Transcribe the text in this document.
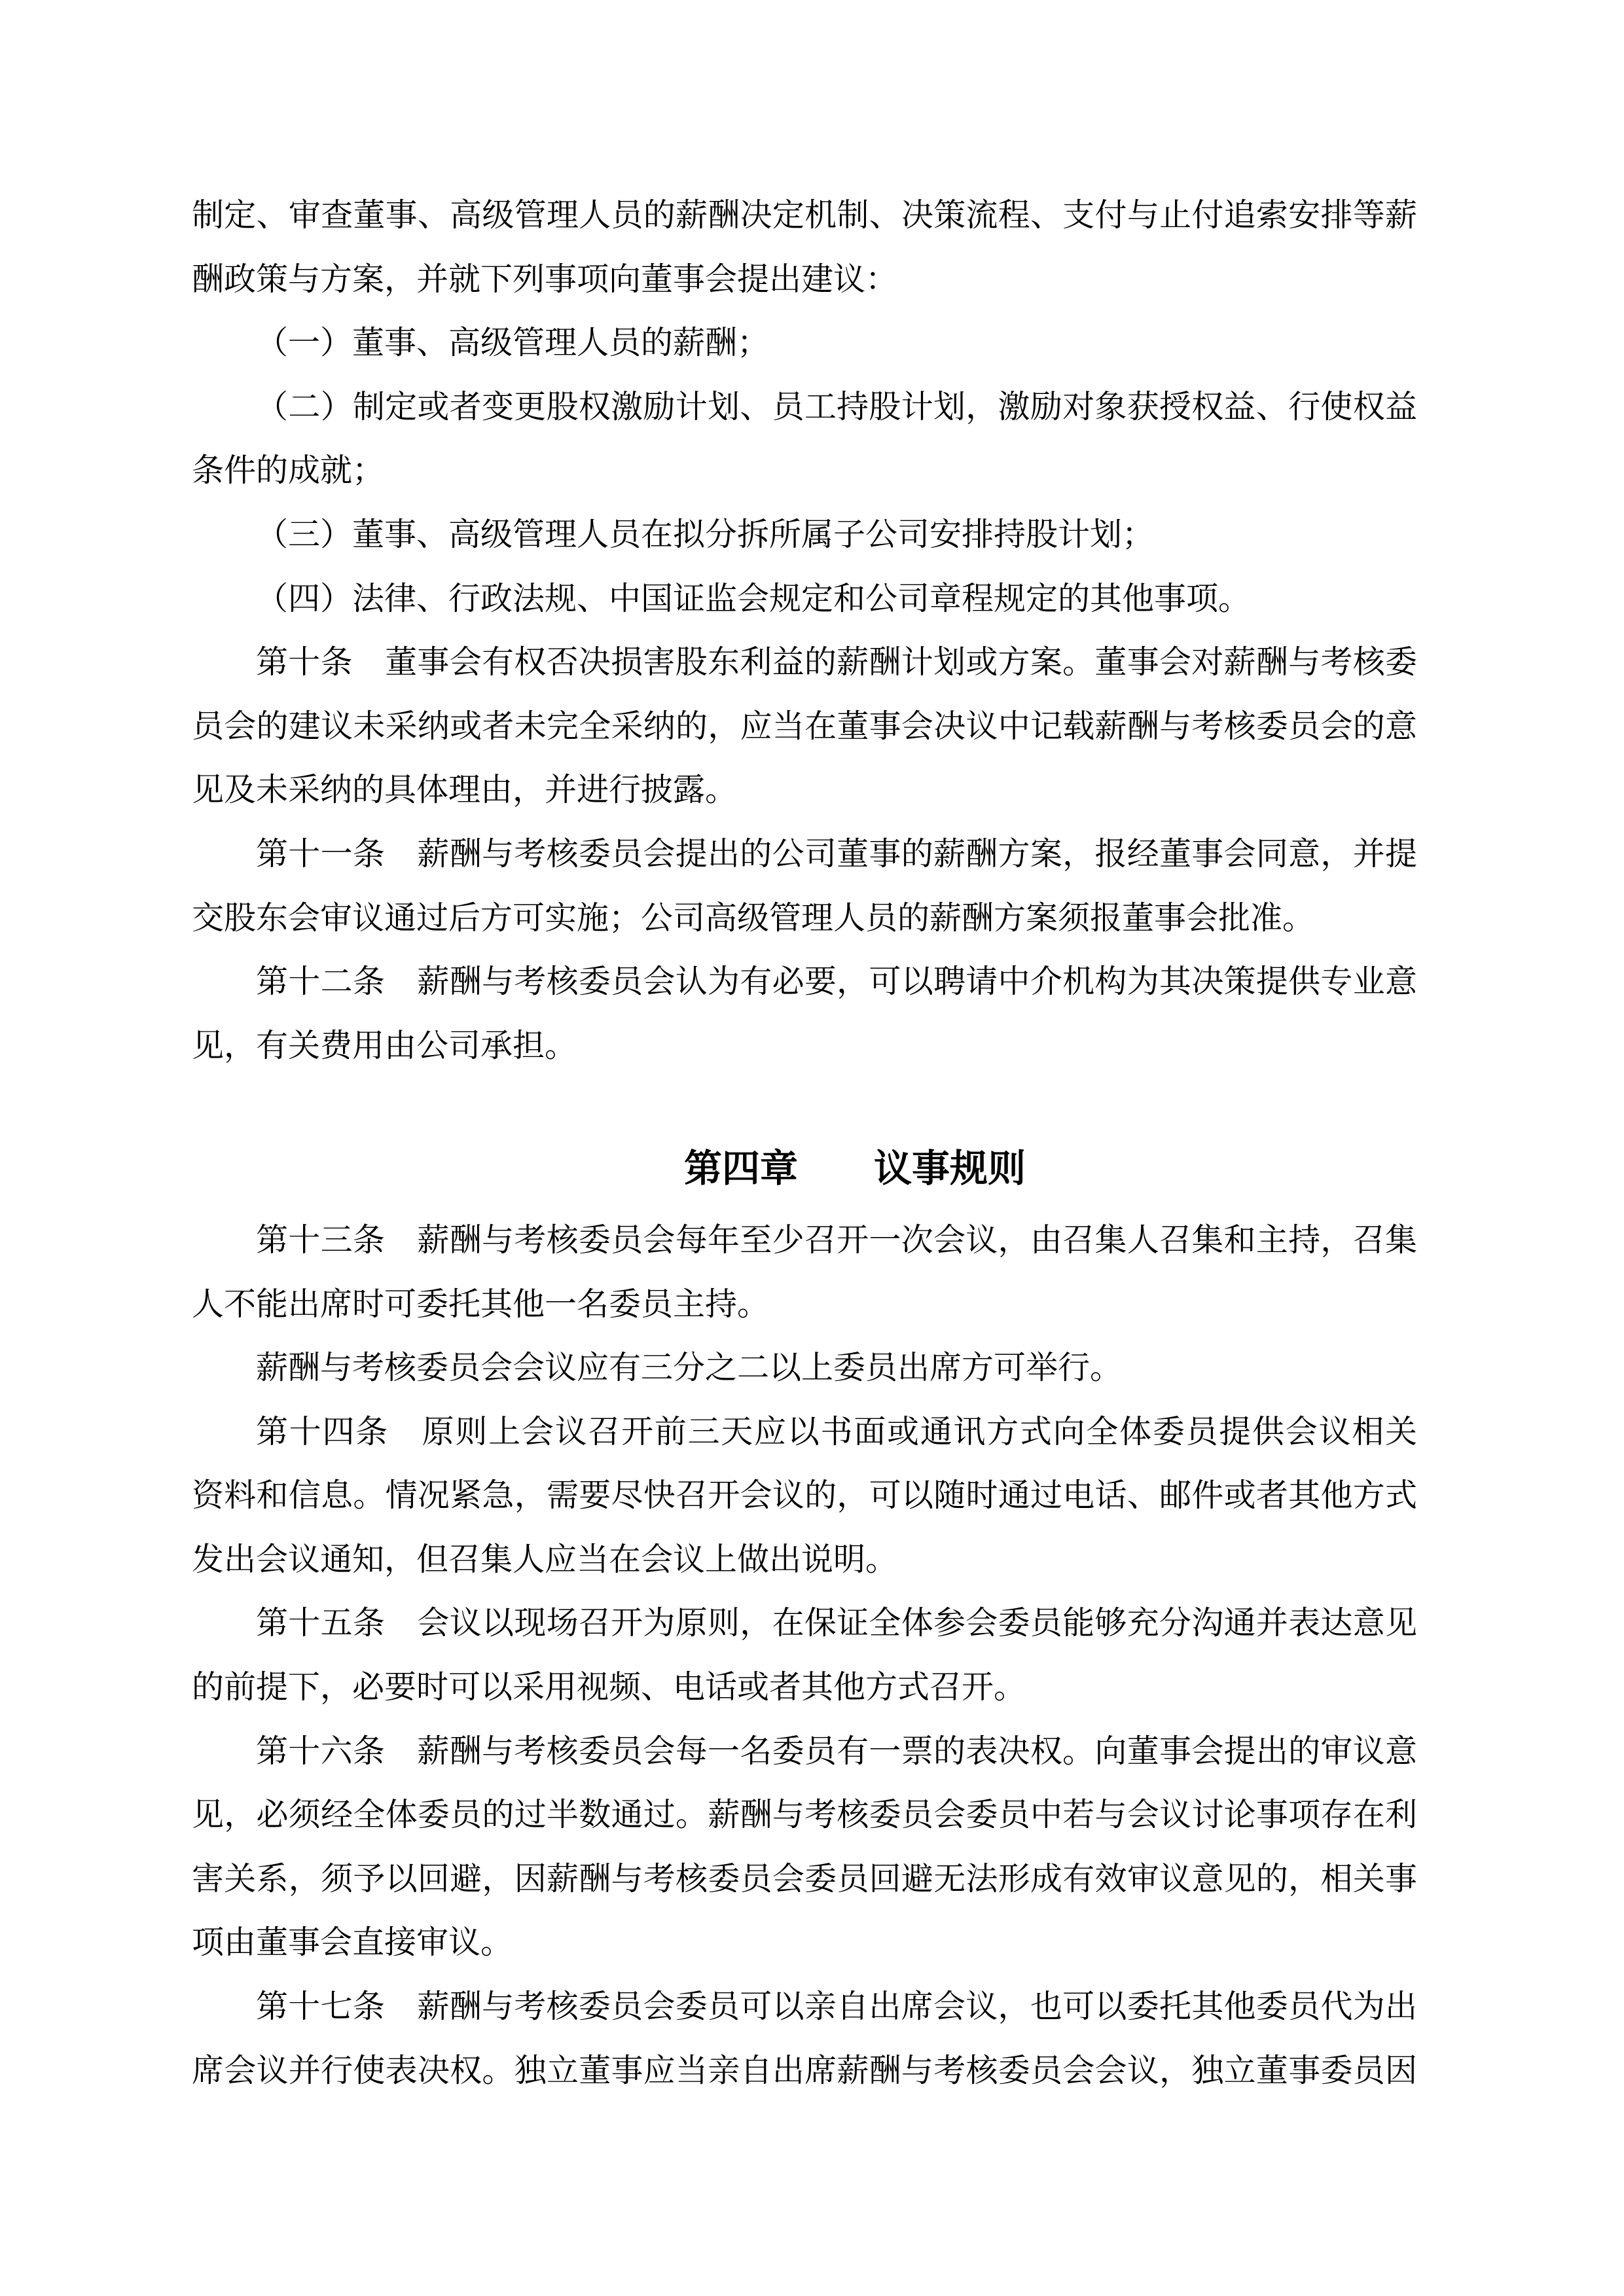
制定、审查董事、高级管理人员的薪酬决定机制、决策流程、支付与止付追索安排等薪
酬政策与方案，并就下列事项向董事会提出建议：
（一）董事、高级管理人员的薪酬；
（二）制定或者变更股权激励计划、员工持股计划，激励对象获授权益、行使权益
条件的成就；
（三）董事、高级管理人员在拟分拆所属子公司安排持股计划；
（四）法律、行政法规、中国证监会规定和公司章程规定的其他事项。
第十条　董事会有权否决损害股东利益的薪酬计划或方案。董事会对薪酬与考核委
员会的建议未采纳或者未完全采纳的，应当在董事会决议中记载薪酬与考核委员会的意
见及未采纳的具体理由，并进行披露。
第十一条　薪酬与考核委员会提出的公司董事的薪酬方案，报经董事会同意，并提
交股东会审议通过后方可实施；公司高级管理人员的薪酬方案须报董事会批准。
第十二条　薪酬与考核委员会认为有必要，可以聘请中介机构为其决策提供专业意
见，有关费用由公司承担。
第四章　　议事规则
第十三条　薪酬与考核委员会每年至少召开一次会议，由召集人召集和主持，召集
人不能出席时可委托其他一名委员主持。
薪酬与考核委员会会议应有三分之二以上委员出席方可举行。
第十四条　原则上会议召开前三天应以书面或通讯方式向全体委员提供会议相关
资料和信息。情况紧急，需要尽快召开会议的，可以随时通过电话、邮件或者其他方式
发出会议通知，但召集人应当在会议上做出说明。
第十五条　会议以现场召开为原则，在保证全体参会委员能够充分沟通并表达意见
的前提下，必要时可以采用视频、电话或者其他方式召开。
第十六条　薪酬与考核委员会每一名委员有一票的表决权。向董事会提出的审议意
见，必须经全体委员的过半数通过。薪酬与考核委员会委员中若与会议讨论事项存在利
害关系，须予以回避，因薪酬与考核委员会委员回避无法形成有效审议意见的，相关事
项由董事会直接审议。
第十七条　薪酬与考核委员会委员可以亲自出席会议，也可以委托其他委员代为出
席会议并行使表决权。独立董事应当亲自出席薪酬与考核委员会会议，独立董事委员因
